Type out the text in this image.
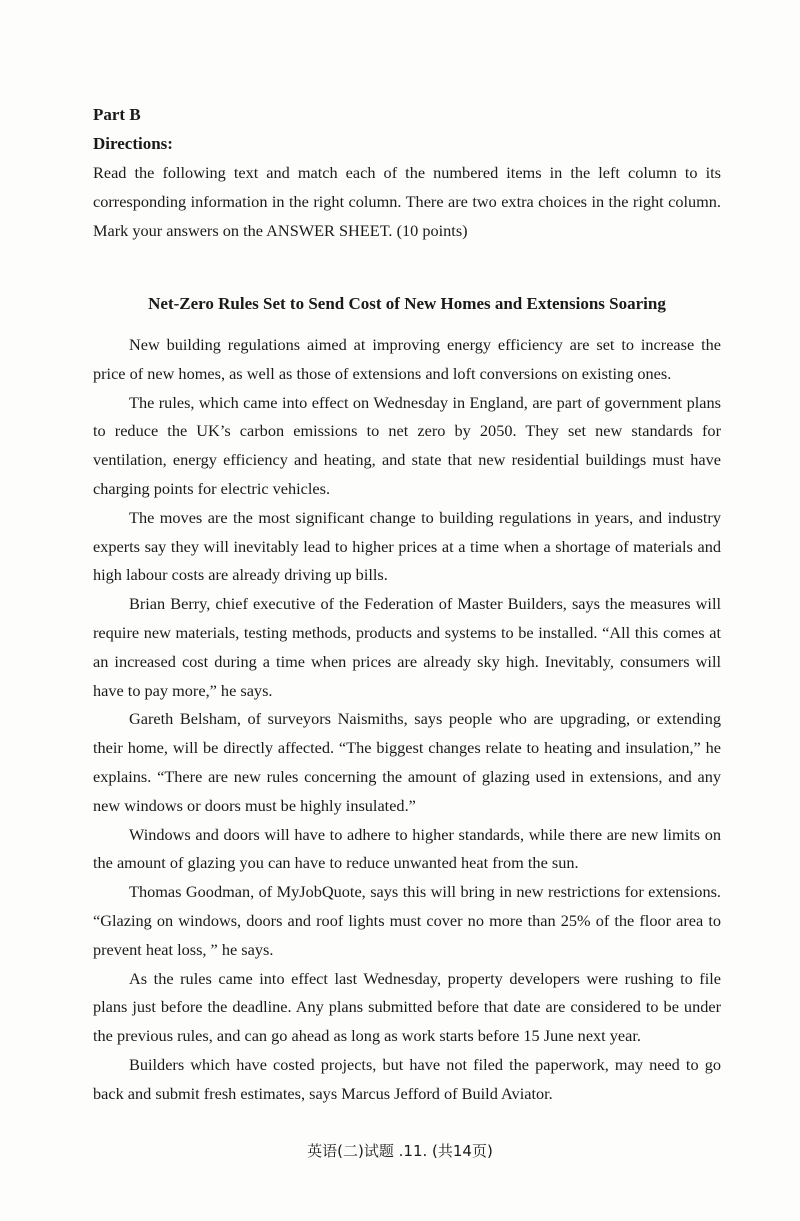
Part B

Directions:

Read the following text and match each of the numbered items in the left column to its corresponding information in the right column. There are two extra choices in the right column. Mark your answers on the ANSWER SHEET. (10 points)

Net-Zero Rules Set to Send Cost of New Homes and Extensions Soaring

New building regulations aimed at improving energy efficiency are set to increase the price of new homes, as well as those of extensions and loft conversions on existing ones.

The rules, which came into effect on Wednesday in England, are part of government plans to reduce the UK’s carbon emissions to net zero by 2050. They set new standards for ventilation, energy efficiency and heating, and state that new residential buildings must have charging points for electric vehicles.

The moves are the most significant change to building regulations in years, and industry experts say they will inevitably lead to higher prices at a time when a shortage of materials and high labour costs are already driving up bills.

Brian Berry, chief executive of the Federation of Master Builders, says the measures will require new materials, testing methods, products and systems to be installed. “All this comes at an increased cost during a time when prices are already sky high. Inevitably, consumers will have to pay more,” he says.

Gareth Belsham, of surveyors Naismiths, says people who are upgrading, or extending their home, will be directly affected. “The biggest changes relate to heating and insulation,” he explains. “There are new rules concerning the amount of glazing used in extensions, and any new windows or doors must be highly insulated.”

Windows and doors will have to adhere to higher standards, while there are new limits on the amount of glazing you can have to reduce unwanted heat from the sun.

Thomas Goodman, of MyJobQuote, says this will bring in new restrictions for extensions. “Glazing on windows, doors and roof lights must cover no more than 25% of the floor area to prevent heat loss, ” he says.

As the rules came into effect last Wednesday, property developers were rushing to file plans just before the deadline. Any plans submitted before that date are considered to be under the previous rules, and can go ahead as long as work starts before 15 June next year.

Builders which have costed projects, but have not filed the paperwork, may need to go back and submit fresh estimates, says Marcus Jefford of Build Aviator.

英语(二)试题 .11. (共14页)
